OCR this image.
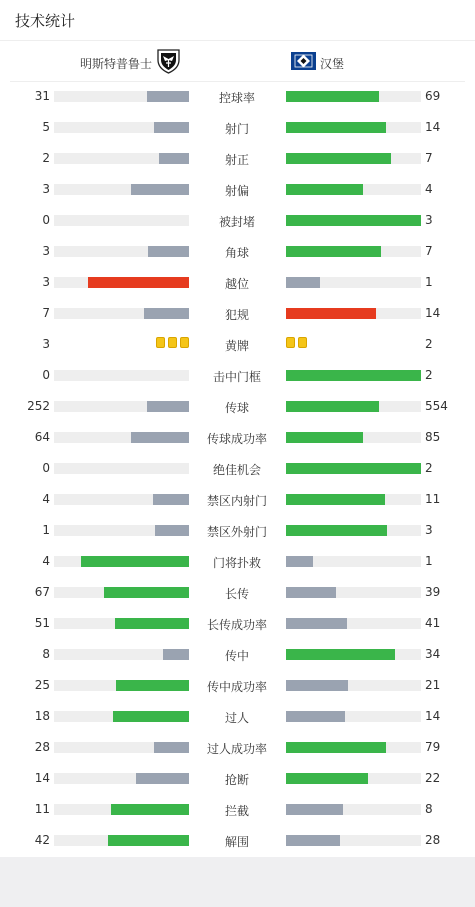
技术统计
明斯特普鲁士	汉堡
31	控球率	69
5	射门	14
2	射正	7
3	射偏	4
0	被封堵	3
3	角球	7
3	越位	1
7	犯规	14
3	黄牌	2
0	击中门框	2
252	传球	554
64	传球成功率	85
0	绝佳机会	2
4	禁区内射门	11
1	禁区外射门	3
4	门将扑救	1
67	长传	39
51	长传成功率	41
8	传中	34
25	传中成功率	21
18	过人	14
28	过人成功率	79
14	抢断	22
11	拦截	8
42	解围	28
